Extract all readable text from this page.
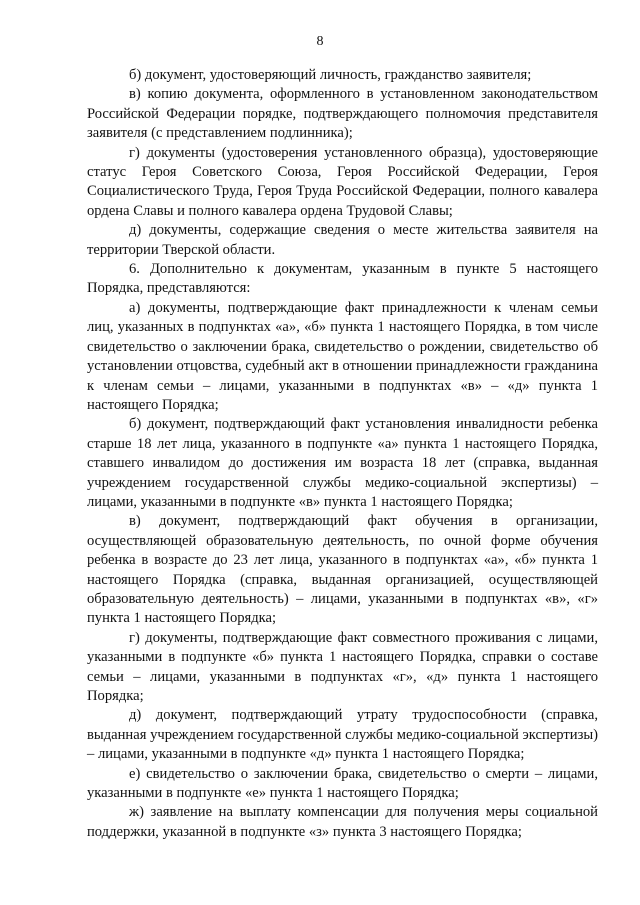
8

б) документ, удостоверяющий личность, гражданство заявителя;

в) копию документа, оформленного в установленном законодательством Российской Федерации порядке, подтверждающего полномочия представителя заявителя (с представлением подлинника);

г) документы (удостоверения установленного образца), удостоверяющие статус Героя Советского Союза, Героя Российской Федерации, Героя Социалистического Труда, Героя Труда Российской Федерации, полного кавалера ордена Славы и полного кавалера ордена Трудовой Славы;

д) документы, содержащие сведения о месте жительства заявителя на территории Тверской области.

6. Дополнительно к документам, указанным в пункте 5 настоящего Порядка, представляются:

а) документы, подтверждающие факт принадлежности к членам семьи лиц, указанных в подпунктах «а», «б» пункта 1 настоящего Порядка, в том числе свидетельство о заключении брака, свидетельство о рождении, свидетельство об установлении отцовства, судебный акт в отношении принадлежности гражданина к членам семьи – лицами, указанными в подпунктах «в» – «д» пункта 1 настоящего Порядка;

б) документ, подтверждающий факт установления инвалидности ребенка старше 18 лет лица, указанного в подпункте «а» пункта 1 настоящего Порядка, ставшего инвалидом до достижения им возраста 18 лет (справка, выданная учреждением государственной службы медико-социальной экспертизы) – лицами, указанными в подпункте «в» пункта 1 настоящего Порядка;

в) документ, подтверждающий факт обучения в организации, осуществляющей образовательную деятельность, по очной форме обучения ребенка в возрасте до 23 лет лица, указанного в подпунктах «а», «б» пункта 1 настоящего Порядка (справка, выданная организацией, осуществляющей образовательную деятельность) – лицами, указанными в подпунктах «в», «г» пункта 1 настоящего Порядка;

г) документы, подтверждающие факт совместного проживания с лицами, указанными в подпункте «б» пункта 1 настоящего Порядка, справки о составе семьи – лицами, указанными в подпунктах «г», «д» пункта 1 настоящего Порядка;

д) документ, подтверждающий утрату трудоспособности (справка, выданная учреждением государственной службы медико-социальной экспертизы) – лицами, указанными в подпункте «д» пункта 1 настоящего Порядка;

е) свидетельство о заключении брака, свидетельство о смерти – лицами, указанными в подпункте «е» пункта 1 настоящего Порядка;

ж) заявление на выплату компенсации для получения меры социальной поддержки, указанной в подпункте «з» пункта 3 настоящего Порядка;
